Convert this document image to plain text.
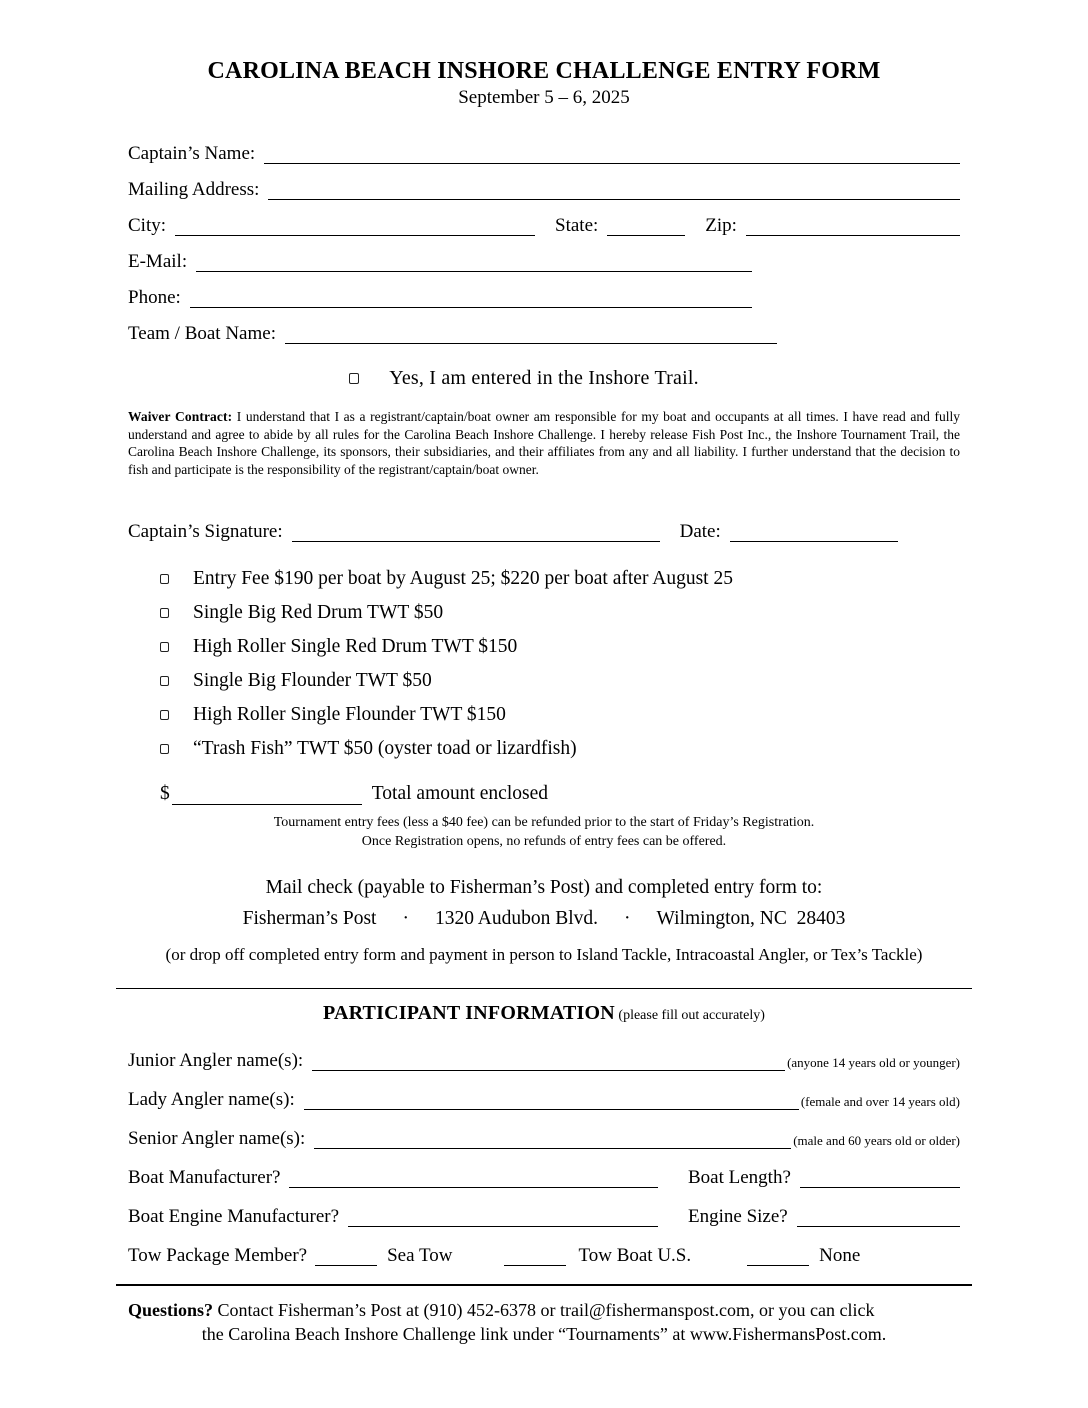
CAROLINA BEACH INSHORE CHALLENGE ENTRY FORM
September 5 – 6, 2025
Captain’s Name:
Mailing Address:
City:	State:	Zip:
E-Mail:
Phone:
Team / Boat Name:
Yes, I am entered in the Inshore Trail.

Waiver Contract: I understand that I as a registrant/captain/boat owner am responsible for my boat and occupants at all times. I have read and fully understand and agree to abide by all rules for the Carolina Beach Inshore Challenge. I hereby release Fish Post Inc., the Inshore Tournament Trail, the Carolina Beach Inshore Challenge, its sponsors, their subsidiaries, and their affiliates from any and all liability. I further understand that the decision to fish and participate is the responsibility of the registrant/captain/boat owner.

Captain’s Signature:	Date:
Entry Fee $190 per boat by August 25; $220 per boat after August 25
Single Big Red Drum TWT $50
High Roller Single Red Drum TWT $150
Single Big Flounder TWT $50
High Roller Single Flounder TWT $150
“Trash Fish” TWT $50 (oyster toad or lizardfish)
$	Total amount enclosed
Tournament entry fees (less a $40 fee) can be refunded prior to the start of Friday’s Registration.
Once Registration opens, no refunds of entry fees can be offered.
Mail check (payable to Fisherman’s Post) and completed entry form to:
Fisherman’s Post · 1320 Audubon Blvd. · Wilmington, NC  28403
(or drop off completed entry form and payment in person to Island Tackle, Intracoastal Angler, or Tex’s Tackle)
PARTICIPANT INFORMATION (please fill out accurately)
Junior Angler name(s):	(anyone 14 years old or younger)
Lady Angler name(s):	(female and over 14 years old)
Senior Angler name(s):	(male and 60 years old or older)
Boat Manufacturer?	Boat Length?
Boat Engine Manufacturer?	Engine Size?
Tow Package Member?	Sea Tow	Tow Boat U.S.	None
Questions? Contact Fisherman’s Post at (910) 452-6378 or trail@fishermanspost.com, or you can click
the Carolina Beach Inshore Challenge link under “Tournaments” at www.FishermansPost.com.
